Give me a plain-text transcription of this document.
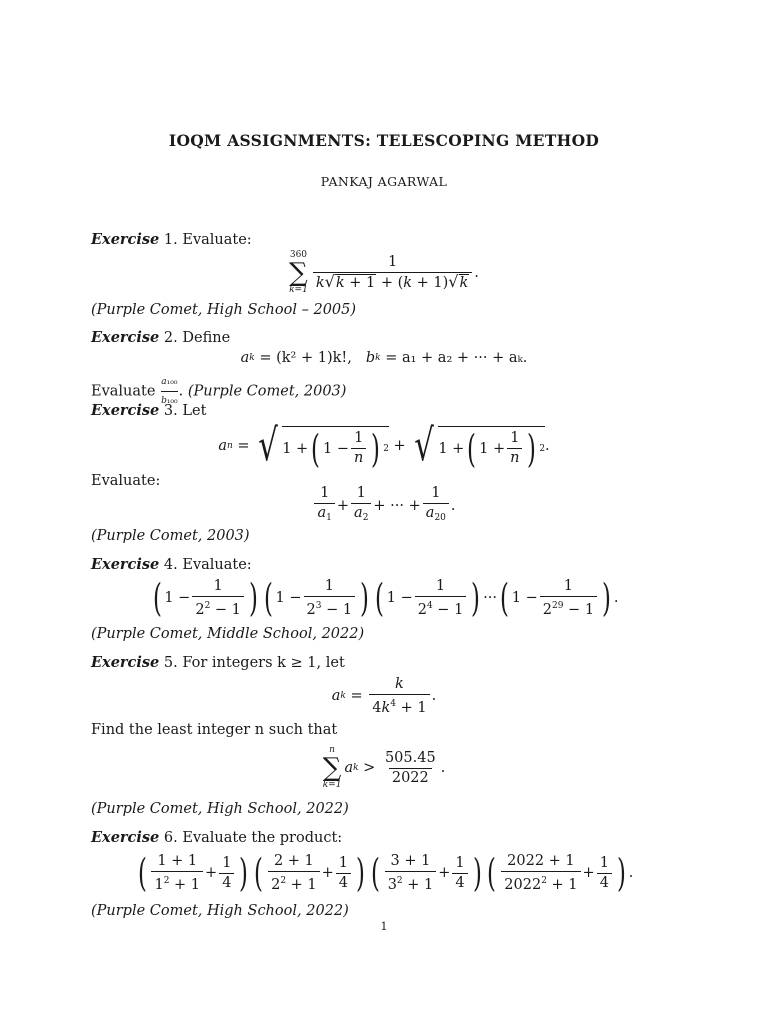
IOQM ASSIGNMENTS: TELESCOPING METHOD
PANKAJ AGARWAL
Exercise 1. Evaluate:
360
∑
$k=1 \frac{1}{k √ k + 1 + (k + 1) √ k}$ .
(Purple Comet, High School – 2005)
Exercise 2. Define
a k
= (k² + 1)k!, b k
= a₁ + a₂ + ··· + aₖ.
Evaluate $\frac{\text{a₁₀₀}}{\text{b₁₀₀}}$ . (Purple Comet, 2003)
Exercise 3. Let
a n = √ 1 + ( $1 - \frac{1}{n}$ ) 2 + √ 1 + ( $1 + \frac{1}{n}$ ) 2 .
Evaluate:
$\frac{1}{a_1} + \frac{1}{a_2}$ + ··· + $\frac{1}{a_{20}}$ .
(Purple Comet, 2003)
Exercise 4. Evaluate:
( $1 - \frac{1}{2^2 - 1}$ ) ( $1 - \frac{1}{2^3 - 1}$ ) ( $1 - \frac{1}{2^4 - 1}$ ) ··· ( $1 - \frac{1}{2^{29} - 1}$ ) .
(Purple Comet, Middle School, 2022)
Exercise 5. For integers k ≥ 1, let
a $k = \frac{k}{4k^4 + 1}$ .
Find the least integer n such that
n
∑
k=1
a $k > \frac{505.45}{2022}$ .
(Purple Comet, High School, 2022)
Exercise 6. Evaluate the product:
( $\frac{1 + 1}{1^2 + 1} + \frac{1}{4}$ ) ( $\frac{2 + 1}{2^2 + 1} + \frac{1}{4}$ ) ( $\frac{3 + 1}{3^2 + 1} + \frac{1}{4}$ ) ( $\frac{2022 + 1}{2022^2 + 1} + \frac{1}{4}$ ) .
(Purple Comet, High School, 2022)
1
